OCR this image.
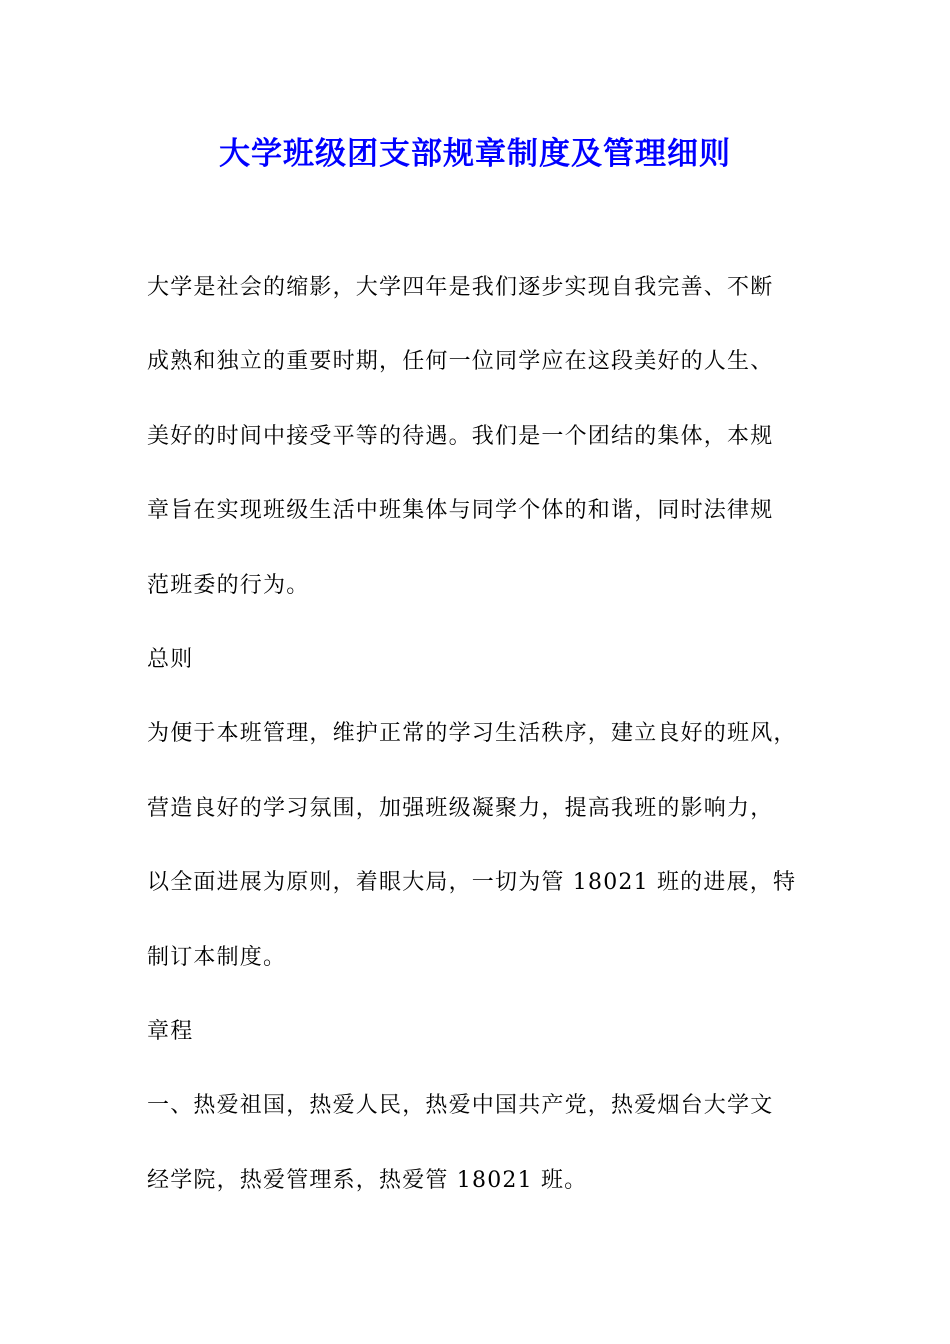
大学班级团支部规章制度及管理细则
大学是社会的缩影，大学四年是我们逐步实现自我完善、不断
成熟和独立的重要时期，任何一位同学应在这段美好的人生、
美好的时间中接受平等的待遇。我们是一个团结的集体，本规
章旨在实现班级生活中班集体与同学个体的和谐，同时法律规
范班委的行为。
总则
为便于本班管理，维护正常的学习生活秩序，建立良好的班风，
营造良好的学习氛围，加强班级凝聚力，提高我班的影响力，
以全面进展为原则，着眼大局，一切为管 18021 班的进展，特
制订本制度。
章程
一、热爱祖国，热爱人民，热爱中国共产党，热爱烟台大学文
经学院，热爱管理系，热爱管 18021 班。
